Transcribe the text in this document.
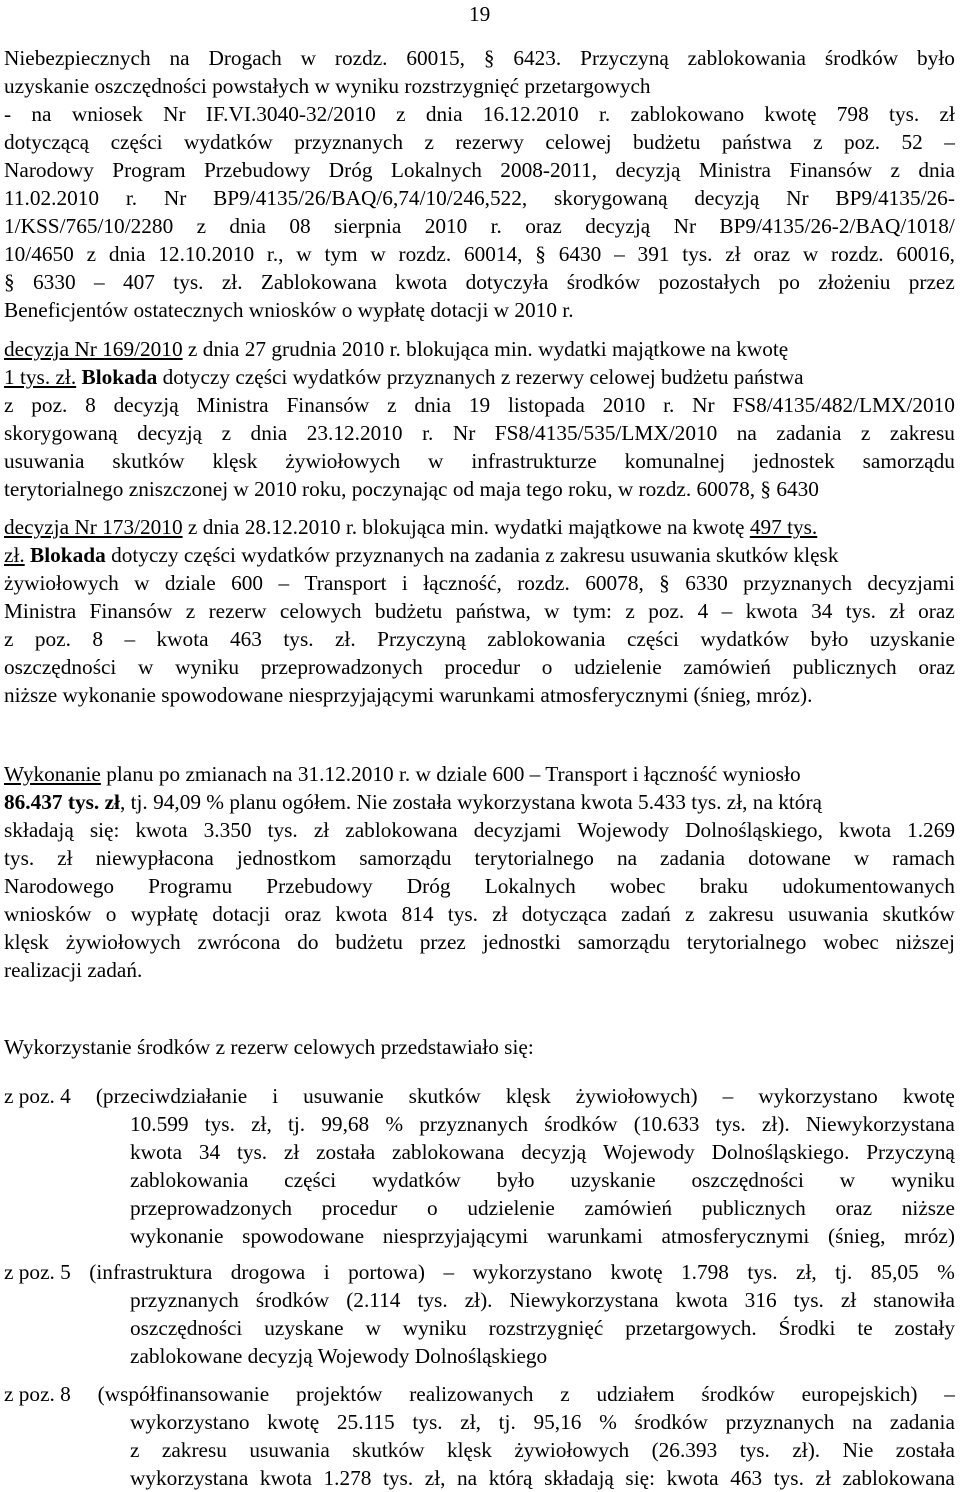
19
Niebezpiecznych na Drogach w rozdz. 60015, § 6423. Przyczyną zablokowania środków było
uzyskanie oszczędności powstałych w wyniku rozstrzygnięć przetargowych
- na wniosek Nr IF.VI.3040-32/2010 z dnia 16.12.2010 r. zablokowano kwotę 798 tys. zł
dotyczącą części wydatków przyznanych z rezerwy celowej budżetu państwa z poz. 52 –
Narodowy Program Przebudowy Dróg Lokalnych 2008-2011, decyzją Ministra Finansów z dnia
11.02.2010 r. Nr BP9/4135/26/BAQ/6,74/10/246,522, skorygowaną decyzją Nr BP9/4135/26-
1/KSS/765/10/2280 z dnia 08 sierpnia 2010 r. oraz decyzją Nr BP9/4135/26-2/BAQ/1018/
10/4650 z dnia 12.10.2010 r., w tym w rozdz. 60014, § 6430 – 391 tys. zł oraz w rozdz. 60016,
§ 6330 – 407 tys. zł. Zablokowana kwota dotyczyła środków pozostałych po złożeniu przez
Beneficjentów ostatecznych wniosków o wypłatę dotacji w 2010 r.
decyzja Nr 169/2010 z dnia 27 grudnia 2010 r. blokująca min. wydatki majątkowe na kwotę
1 tys. zł. Blokada dotyczy części wydatków przyznanych z rezerwy celowej budżetu państwa
z poz. 8 decyzją Ministra Finansów z dnia 19 listopada 2010 r. Nr FS8/4135/482/LMX/2010
skorygowaną decyzją z dnia 23.12.2010 r. Nr FS8/4135/535/LMX/2010 na zadania z zakresu
usuwania skutków klęsk żywiołowych w infrastrukturze komunalnej jednostek samorządu
terytorialnego zniszczonej w 2010 roku, poczynając od maja tego roku, w rozdz. 60078, § 6430
decyzja Nr 173/2010 z dnia 28.12.2010 r. blokująca min. wydatki majątkowe na kwotę 497 tys.
zł. Blokada dotyczy części wydatków przyznanych na zadania z zakresu usuwania skutków klęsk
żywiołowych w dziale 600 – Transport i łączność, rozdz. 60078, § 6330 przyznanych decyzjami
Ministra Finansów z rezerw celowych budżetu państwa, w tym: z poz. 4 – kwota 34 tys. zł oraz
z poz. 8 – kwota 463 tys. zł. Przyczyną zablokowania części wydatków było uzyskanie
oszczędności w wyniku przeprowadzonych procedur o udzielenie zamówień publicznych oraz
niższe wykonanie spowodowane niesprzyjającymi warunkami atmosferycznymi (śnieg, mróz).
Wykonanie planu po zmianach na 31.12.2010 r. w dziale 600 – Transport i łączność wyniosło
86.437 tys. zł, tj. 94,09 % planu ogółem. Nie została wykorzystana kwota 5.433 tys. zł, na którą
składają się: kwota 3.350 tys. zł zablokowana decyzjami Wojewody Dolnośląskiego, kwota 1.269
tys. zł niewypłacona jednostkom samorządu terytorialnego na zadania dotowane w ramach
Narodowego Programu Przebudowy Dróg Lokalnych wobec braku udokumentowanych
wniosków o wypłatę dotacji oraz kwota 814 tys. zł dotycząca zadań z zakresu usuwania skutków
klęsk żywiołowych zwrócona do budżetu przez jednostki samorządu terytorialnego wobec niższej
realizacji zadań.
Wykorzystanie środków z rezerw celowych przedstawiało się:
z poz. 4 (przeciwdziałanie i usuwanie skutków klęsk żywiołowych) – wykorzystano kwotę
10.599 tys. zł, tj. 99,68 % przyznanych środków (10.633 tys. zł). Niewykorzystana
kwota 34 tys. zł została zablokowana decyzją Wojewody Dolnośląskiego. Przyczyną
zablokowania części wydatków było uzyskanie oszczędności w wyniku
przeprowadzonych procedur o udzielenie zamówień publicznych oraz niższe
wykonanie spowodowane niesprzyjającymi warunkami atmosferycznymi (śnieg, mróz)
z poz. 5 (infrastruktura drogowa i portowa) – wykorzystano kwotę 1.798 tys. zł, tj. 85,05 %
przyznanych środków (2.114 tys. zł). Niewykorzystana kwota 316 tys. zł stanowiła
oszczędności uzyskane w wyniku rozstrzygnięć przetargowych. Środki te zostały
zablokowane decyzją Wojewody Dolnośląskiego
z poz. 8 (współfinansowanie projektów realizowanych z udziałem środków europejskich) –
wykorzystano kwotę 25.115 tys. zł, tj. 95,16 % środków przyznanych na zadania
z zakresu usuwania skutków klęsk żywiołowych (26.393 tys. zł). Nie została
wykorzystana kwota 1.278 tys. zł, na którą składają się: kwota 463 tys. zł zablokowana
